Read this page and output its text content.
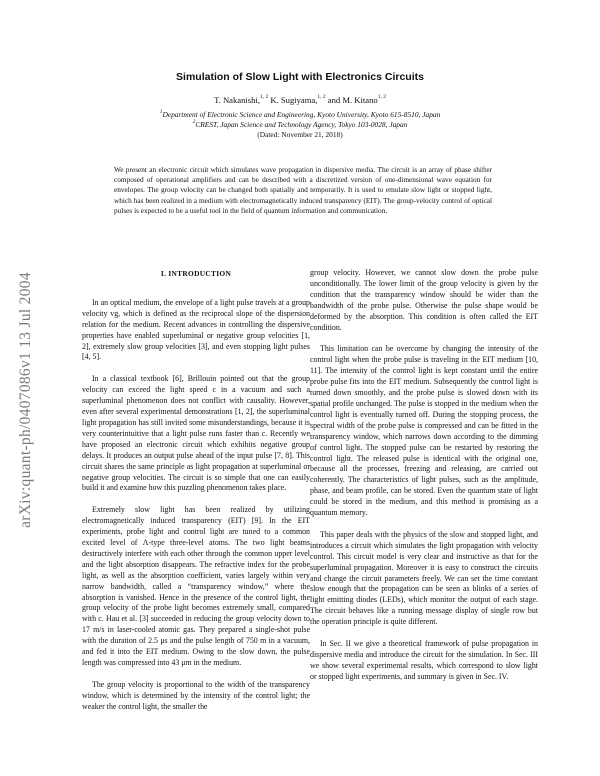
arXiv:quant-ph/0407086v1 13 Jul 2004
Simulation of Slow Light with Electronics Circuits
T. Nakanishi,$^{1, 2}$ K. Sugiyama,$^{1, 2}$ and M. Kitano$^{1, 2}$
$^1$Department of Electronic Science and Engineering, Kyoto University, Kyoto 615-8510, Japan
$^2$CREST, Japan Science and Technology Agency, Tokyo 103-0028, Japan
(Dated: November 21, 2018)
We present an electronic circuit which simulates wave propagation in dispersive media. The circuit is an array of phase shifter composed of operational amplifiers and can be described with a discretized version of one-dimensional wave equation for envelopes. The group velocity can be changed both spatially and temporarily. It is used to emulate slow light or stopped light, which has been realized in a medium with electromagnetically induced transparency (EIT). The group-velocity control of optical pulses is expected to be a useful tool in the field of quantum information and communication.
I. INTRODUCTION

In an optical medium, the envelope of a light pulse travels at a group velocity vg, which is defined as the reciprocal slope of the dispersion relation for the medium. Recent advances in controlling the dispersive properties have enabled superluminal or negative group velocities [1, 2], extremely slow group velocities [3], and even stopping light pulses [4, 5].

In a classical textbook [6], Brillouin pointed out that the group velocity can exceed the light speed c in a vacuum and such a superluminal phenomenon does not conflict with causality. However, even after several experimental demonstrations [1, 2], the superluminal light propagation has still invited some misunderstandings, because it is very counterintuitive that a light pulse runs faster than c. Recently we have proposed an electronic circuit which exhibits negative group delays. It produces an output pulse ahead of the input pulse [7, 8]. This circuit shares the same principle as light propagation at superluminal or negative group velocities. The circuit is so simple that one can easily build it and examine how this puzzling phenomenon takes place.

Extremely slow light has been realized by utilizing electromagnetically induced transparency (EIT) [9]. In the EIT experiments, probe light and control light are tuned to a common excited level of Λ-type three-level atoms. The two light beams destructively interfere with each other through the common upper level and the light absorption disappears. The refractive index for the probe light, as well as the absorption coefficient, varies largely within very narrow bandwidth, called a “transparency window,” where the absorption is vanished. Hence in the presence of the control light, the group velocity of the probe light becomes extremely small, compared with c. Hau et al. [3] succeeded in reducing the group velocity down to 17 m/s in laser-cooled atomic gas. They prepared a single-shot pulse with the duration of 2.5 μs and the pulse length of 750 m in a vacuum, and fed it into the EIT medium. Owing to the slow down, the pulse length was compressed into 43 μm in the medium.

The group velocity is proportional to the width of the transparency window, which is determined by the intensity of the control light; the weaker the control light, the smaller the

group velocity. However, we cannot slow down the probe pulse unconditionally. The lower limit of the group velocity is given by the condition that the transparency window should be wider than the bandwidth of the probe pulse. Otherwise the pulse shape would be deformed by the absorption. This condition is often called the EIT condition.

This limitation can be overcome by changing the intensity of the control light when the probe pulse is traveling in the EIT medium [10, 11]. The intensity of the control light is kept constant until the entire probe pulse fits into the EIT medium. Subsequently the control light is turned down smoothly, and the probe pulse is slowed down with its spatial profile unchanged. The pulse is stopped in the medium when the control light is eventually turned off. During the stopping process, the spectral width of the probe pulse is compressed and can be fitted in the transparency window, which narrows down according to the dimming of control light. The stopped pulse can be restarted by restoring the control light. The released pulse is identical with the original one, because all the processes, freezing and releasing, are carried out coherently. The characteristics of light pulses, such as the amplitude, phase, and beam profile, can be stored. Even the quantum state of light could be stored in the medium, and this method is promising as a quantum memory.

This paper deals with the physics of the slow and stopped light, and introduces a circuit which simulates the light propagation with velocity control. This circuit model is very clear and instructive as that for the superluminal propagation. Moreover it is easy to construct the circuits and change the circuit parameters freely. We can set the time constant slow enough that the propagation can be seen as blinks of a series of light emitting diodes (LEDs), which monitor the output of each stage. The circuit behaves like a running message display of single row but the operation principle is quite different.

In Sec. II we give a theoretical framework of pulse propagation in dispersive media and introduce the circuit for the simulation. In Sec. III we show several experimental results, which correspond to slow light or stopped light experiments, and summary is given in Sec. IV.
